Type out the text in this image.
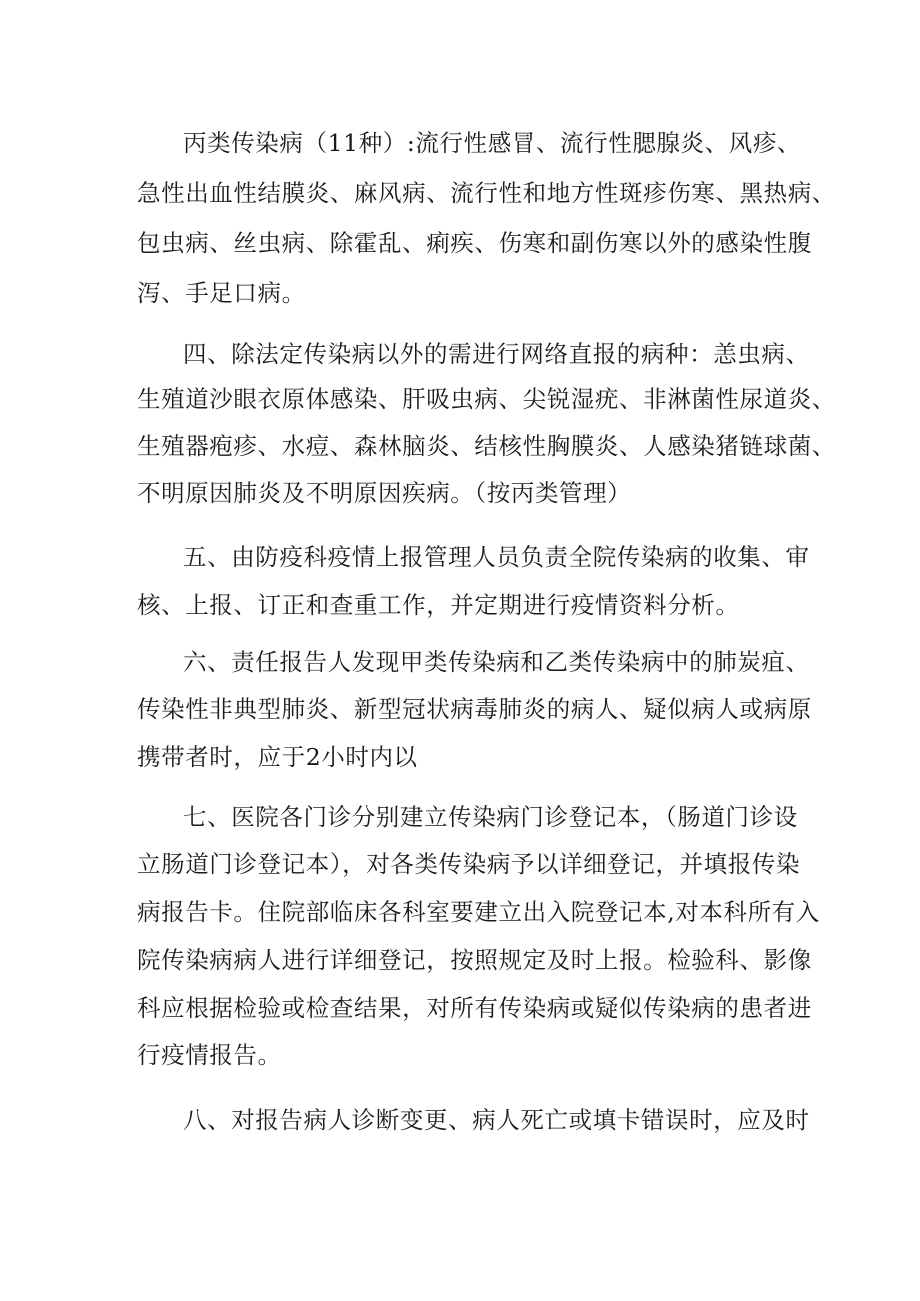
丙类传染病（11种）:流行性感冒、流行性腮腺炎、风疹、

急性出血性结膜炎、麻风病、流行性和地方性斑疹伤寒、黑热病、

包虫病、丝虫病、除霍乱、痢疾、伤寒和副伤寒以外的感染性腹

泻、手足口病。

四、除法定传染病以外的需进行网络直报的病种：恙虫病、

生殖道沙眼衣原体感染、肝吸虫病、尖锐湿疣、非淋菌性尿道炎、

生殖器疱疹、水痘、森林脑炎、结核性胸膜炎、人感染猪链球菌、

不明原因肺炎及不明原因疾病。（按丙类管理）

五、由防疫科疫情上报管理人员负责全院传染病的收集、审

核、上报、订正和查重工作，并定期进行疫情资料分析。

六、责任报告人发现甲类传染病和乙类传染病中的肺炭疽、

传染性非典型肺炎、新型冠状病毒肺炎的病人、疑似病人或病原

携带者时，应于2小时内以

七、医院各门诊分别建立传染病门诊登记本，（肠道门诊设

立肠道门诊登记本），对各类传染病予以详细登记，并填报传染

病报告卡。住院部临床各科室要建立出入院登记本,对本科所有入

院传染病病人进行详细登记，按照规定及时上报。检验科、影像

科应根据检验或检查结果，对所有传染病或疑似传染病的患者进

行疫情报告。

八、对报告病人诊断变更、病人死亡或填卡错误时，应及时
